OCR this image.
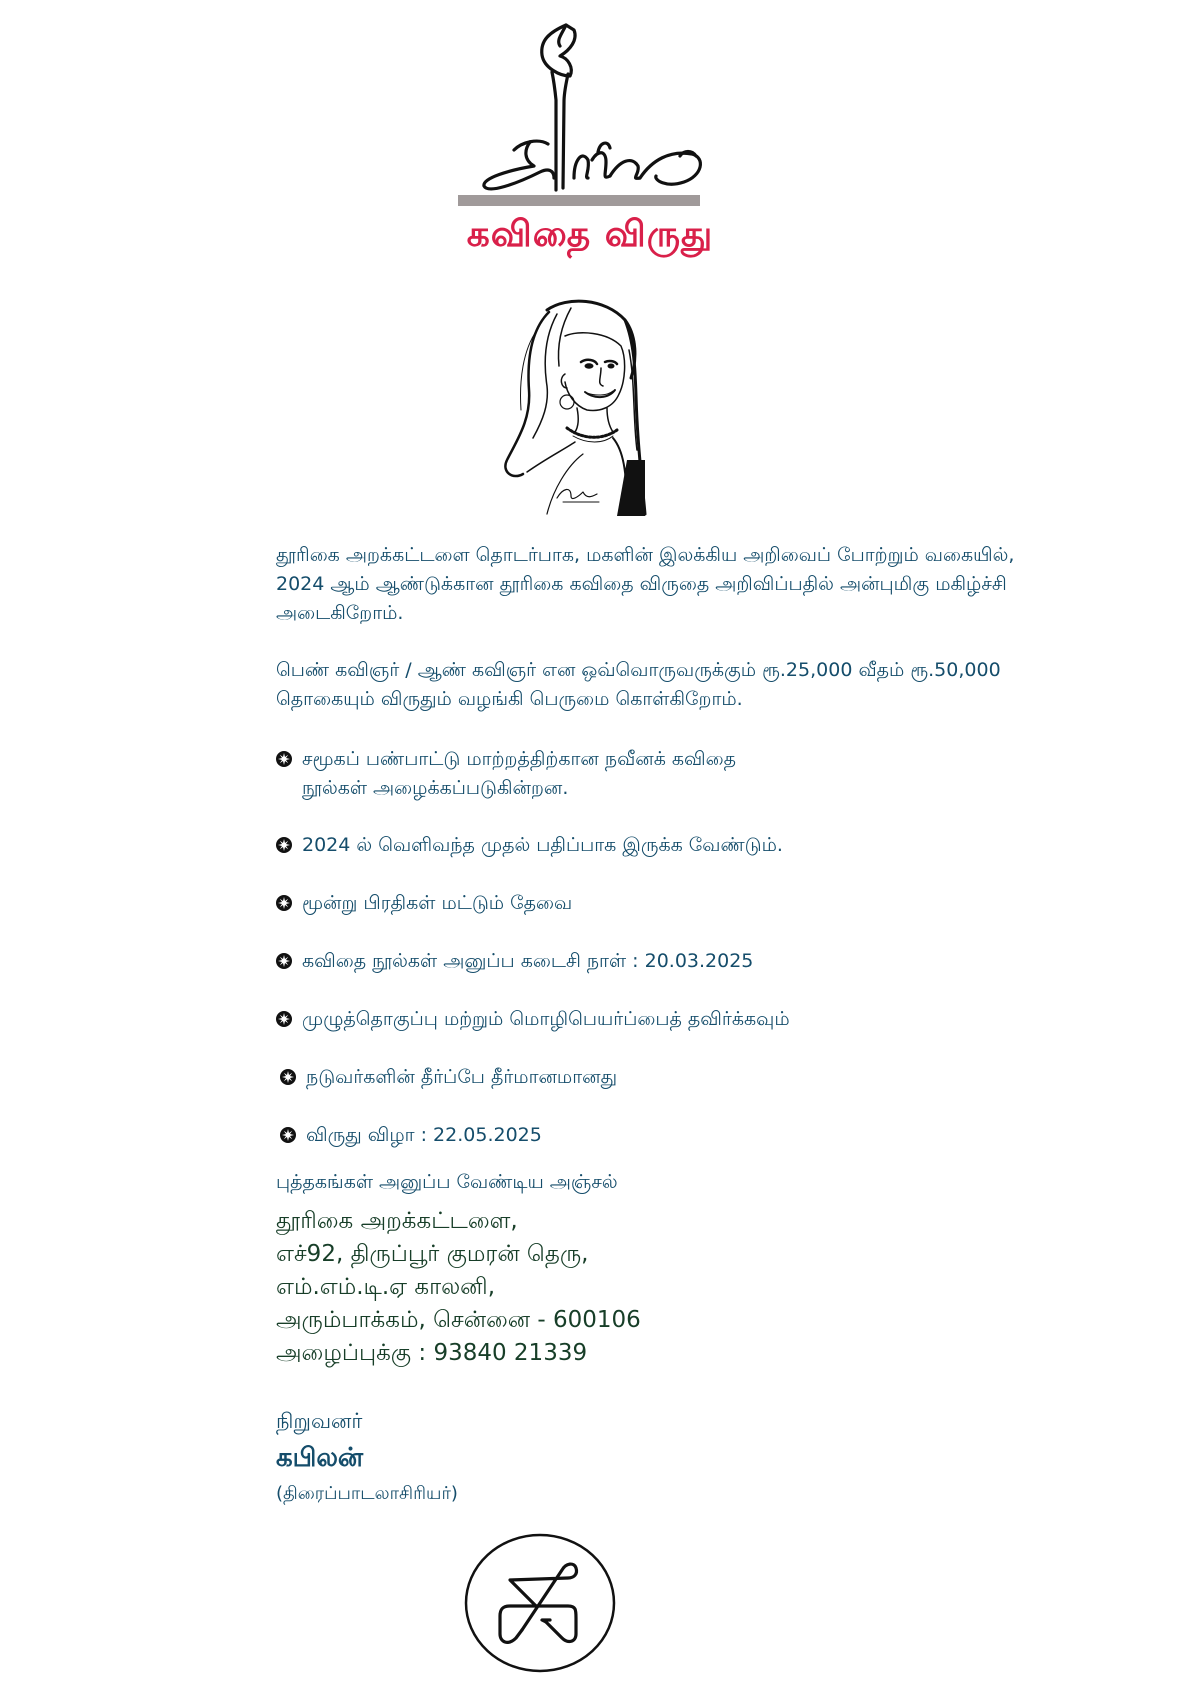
கவிதை விருது
தூரிகை அறக்கட்டளை தொடர்பாக, மகளின் இலக்கிய அறிவைப் போற்றும் வகையில், 2024 ஆம் ஆண்டுக்கான தூரிகை கவிதை விருதை அறிவிப்பதில் அன்புமிகு மகிழ்ச்சி அடைகிறோம்.
பெண் கவிஞர் / ஆண் கவிஞர் என ஒவ்வொருவருக்கும் ரூ.25,000 வீதம் ரூ.50,000 தொகையும் விருதும் வழங்கி பெருமை கொள்கிறோம்.
சமூகப் பண்பாட்டு மாற்றத்திற்கான நவீனக் கவிதை நூல்கள் அழைக்கப்படுகின்றன.
2024 ல் வெளிவந்த முதல் பதிப்பாக இருக்க வேண்டும்.
மூன்று பிரதிகள் மட்டும் தேவை
கவிதை நூல்கள் அனுப்ப கடைசி நாள் : 20.03.2025
முழுத்தொகுப்பு மற்றும் மொழிபெயர்ப்பைத் தவிர்க்கவும்
நடுவர்களின் தீர்ப்பே தீர்மானமானது
விருது விழா : 22.05.2025
புத்தகங்கள் அனுப்ப வேண்டிய அஞ்சல்
தூரிகை அறக்கட்டளை,
எச்92, திருப்பூர் குமரன் தெரு,
எம்.எம்.டி.ஏ காலனி,
அரும்பாக்கம், சென்னை - 600106
அழைப்புக்கு : 93840 21339
நிறுவனர்
கபிலன்
(திரைப்பாடலாசிரியர்)
